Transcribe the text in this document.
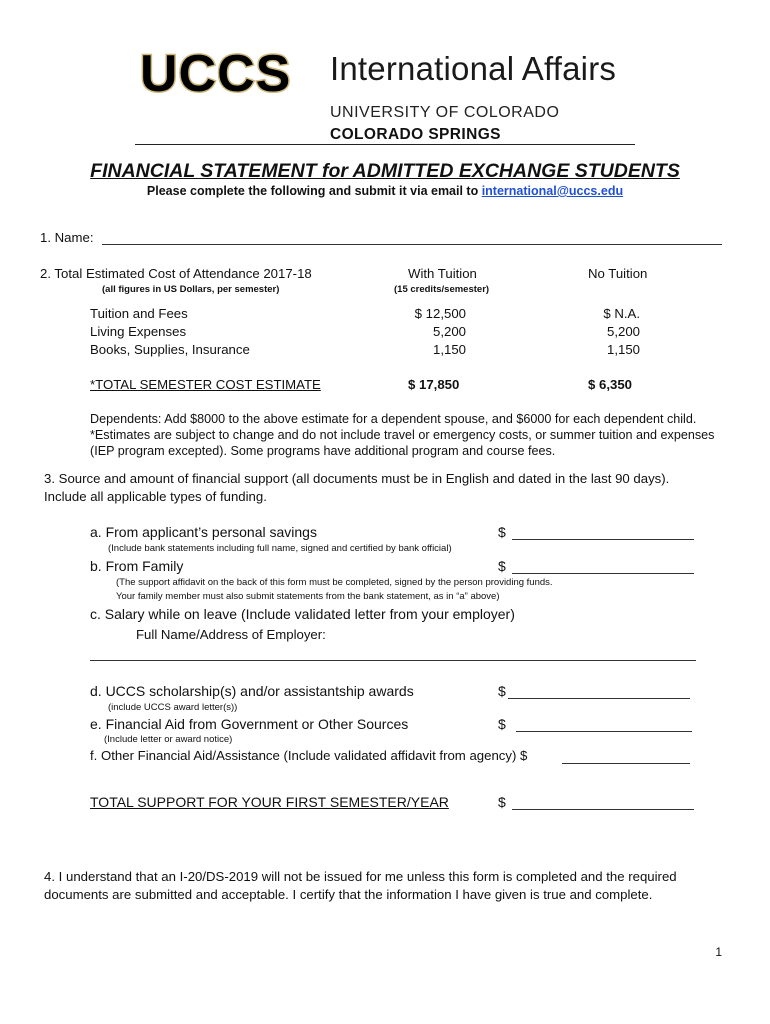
UCCS International Affairs
UNIVERSITY OF COLORADO
COLORADO SPRINGS
FINANCIAL STATEMENT for ADMITTED EXCHANGE STUDENTS
Please complete the following and submit it via email to international@uccs.edu
1. Name:
2. Total Estimated Cost of Attendance 2017-18
(all figures in US Dollars, per semester)
With Tuition
(15 credits/semester)
No Tuition
Tuition and Fees	$ 12,500	$ N.A.
Living Expenses	5,200	5,200
Books, Supplies, Insurance	1,150	1,150
*TOTAL SEMESTER COST ESTIMATE	$ 17,850	$ 6,350
Dependents: Add $8000 to the above estimate for a dependent spouse, and $6000 for each dependent child.
*Estimates are subject to change and do not include travel or emergency costs, or summer tuition and expenses
(IEP program excepted). Some programs have additional program and course fees.
3. Source and amount of financial support (all documents must be in English and dated in the last 90 days).
Include all applicable types of funding.
a. From applicant’s personal savings	$
(Include bank statements including full name, signed and certified by bank official)
b. From Family	$
(The support affidavit on the back of this form must be completed, signed by the person providing funds.
Your family member must also submit statements from the bank statement, as in “a” above)
c. Salary while on leave (Include validated letter from your employer)
Full Name/Address of Employer:
d. UCCS scholarship(s) and/or assistantship awards	$
(include UCCS award letter(s))
e. Financial Aid from Government or Other Sources	$
(Include letter or award notice)
f. Other Financial Aid/Assistance (Include validated affidavit from agency) $
TOTAL SUPPORT FOR YOUR FIRST SEMESTER/YEAR	$
4. I understand that an I-20/DS-2019 will not be issued for me unless this form is completed and the required
documents are submitted and acceptable. I certify that the information I have given is true and complete.
1
